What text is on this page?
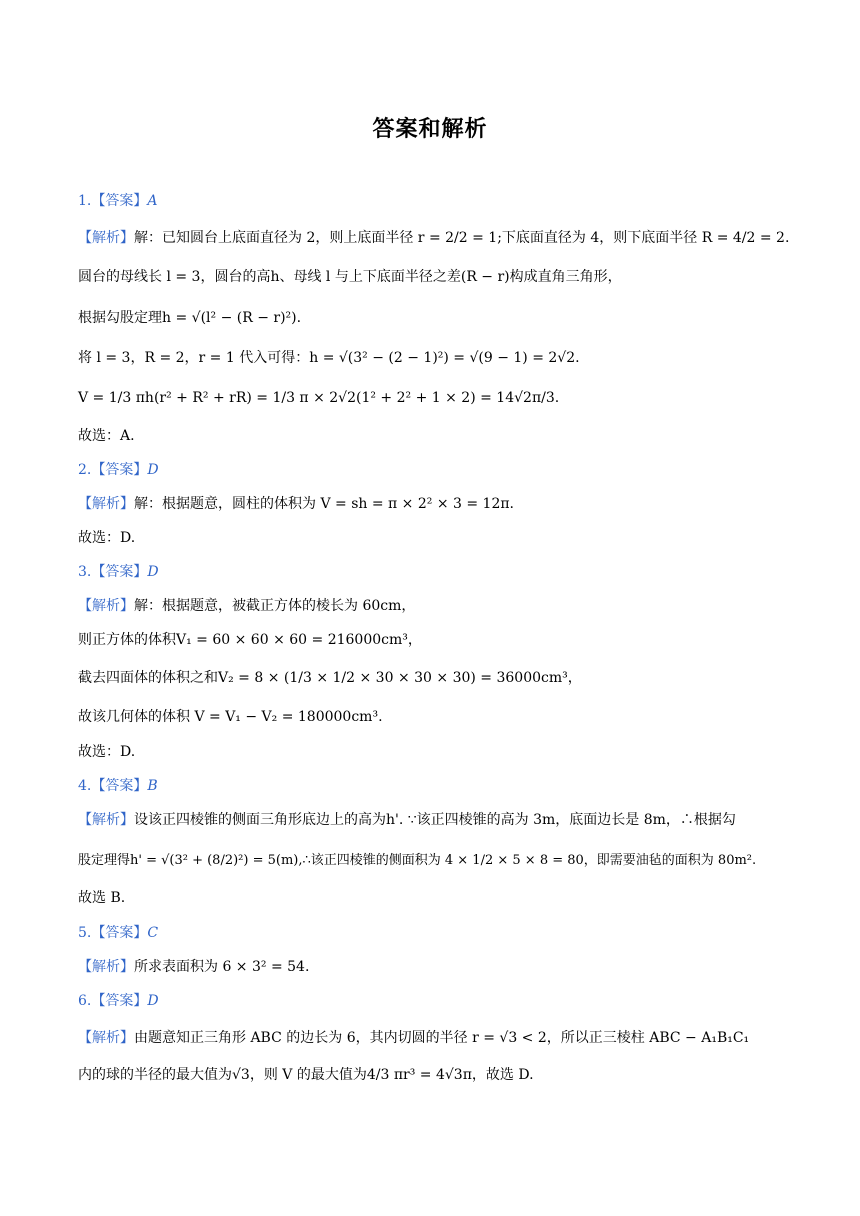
答案和解析
1.【答案】A
【解析】解：已知圆台上底面直径为 2，则上底面半径 r = 2/2 = 1;下底面直径为 4，则下底面半径 R = 4/2 = 2.
圆台的母线长 l = 3，圆台的高h、母线 l 与上下底面半径之差(R − r)构成直角三角形，
根据勾股定理h = √(l² − (R − r)²).
将 l = 3，R = 2，r = 1 代入可得：h = √(3² − (2 − 1)²) = √(9 − 1) = 2√2.
V = 1/3 πh(r² + R² + rR) = 1/3 π × 2√2(1² + 2² + 1 × 2) = 14√2π/3.
故选：A.
2.【答案】D
【解析】解：根据题意，圆柱的体积为 V = sh = π × 2² × 3 = 12π.
故选：D.
3.【答案】D
【解析】解：根据题意，被截正方体的棱长为 60cm，
则正方体的体积V₁ = 60 × 60 × 60 = 216000cm³，
截去四面体的体积之和V₂ = 8 × (1/3 × 1/2 × 30 × 30 × 30) = 36000cm³，
故该几何体的体积 V = V₁ − V₂ = 180000cm³.
故选：D.
4.【答案】B
【解析】设该正四棱锥的侧面三角形底边上的高为h'. ∵该正四棱锥的高为 3m，底面边长是 8m，∴根据勾
股定理得h' = √(3² + (8/2)²) = 5(m),∴该正四棱锥的侧面积为 4 × 1/2 × 5 × 8 = 80，即需要油毡的面积为 80m².
故选 B.
5.【答案】C
【解析】所求表面积为 6 × 3² = 54.
6.【答案】D
【解析】由题意知正三角形 ABC 的边长为 6，其内切圆的半径 r = √3 < 2，所以正三棱柱 ABC − A₁B₁C₁
内的球的半径的最大值为√3，则 V 的最大值为4/3 πr³ = 4√3π，故选 D.
